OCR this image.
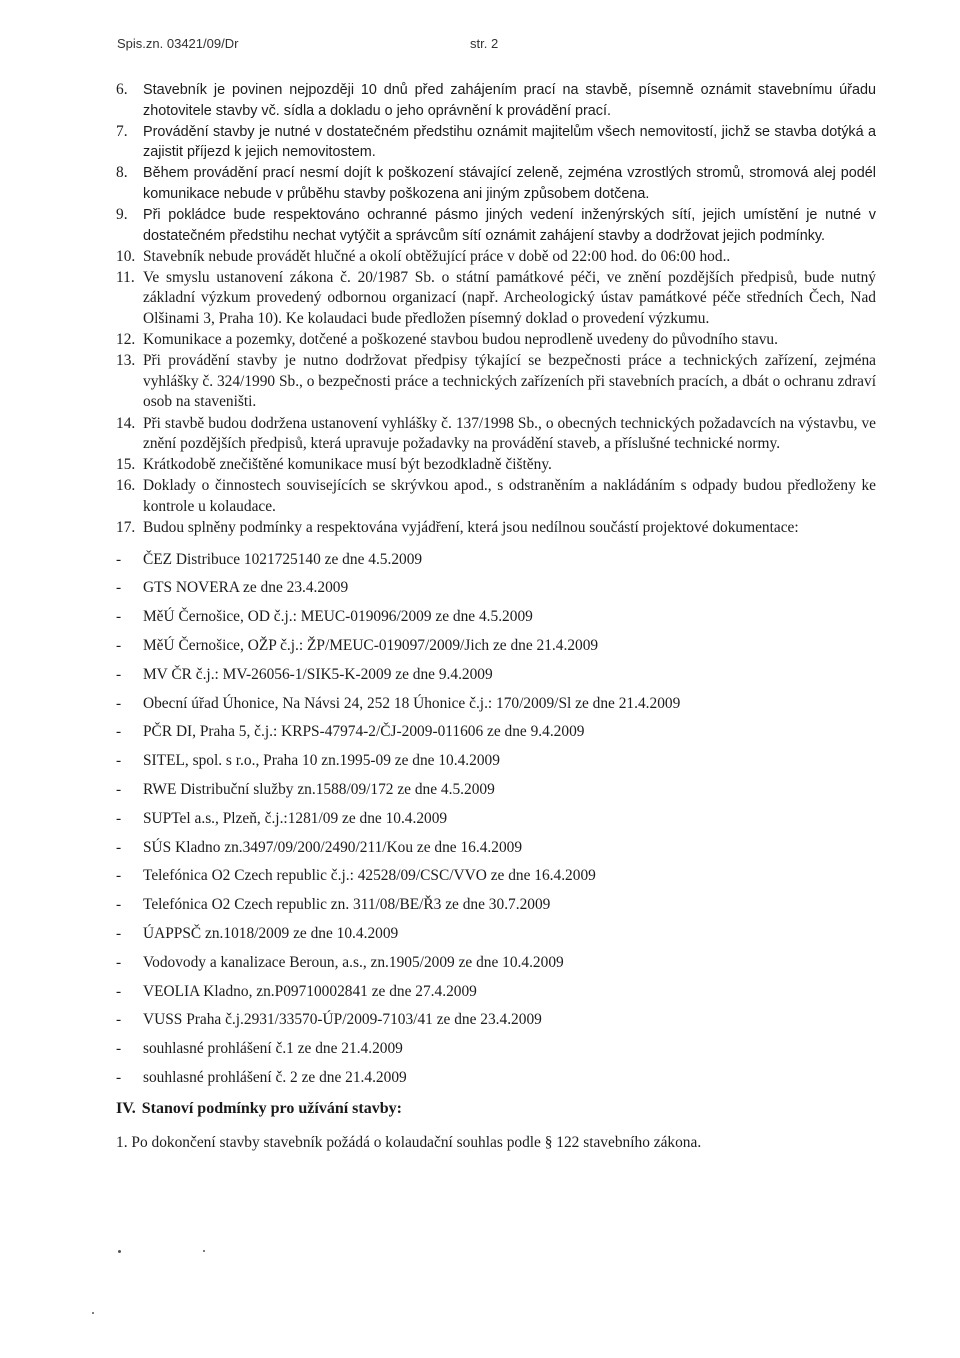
Spis.zn. 03421/09/Dr	str. 2
6. Stavebník je povinen nejpozději 10 dnů před zahájením prací na stavbě, písemně oznámit stavebnímu úřadu zhotovitele stavby vč. sídla a dokladu o jeho oprávnění k provádění prací.
7. Provádění stavby je nutné v dostatečném předstihu oznámit majitelům všech nemovitostí, jichž se stavba dotýká a zajistit příjezd k jejich nemovitostem.
8. Během provádění prací nesmí dojít k poškození stávající zeleně, zejména vzrostlých stromů, stromová alej podél komunikace nebude v průběhu stavby poškozena ani jiným způsobem dotčena.
9. Při pokládce bude respektováno ochranné pásmo jiných vedení inženýrských sítí, jejich umístění je nutné v dostatečném předstihu nechat vytýčit a správcům sítí oznámit zahájení stavby a dodržovat jejich podmínky.
10. Stavebník nebude provádět hlučné a okolí obtěžující práce v době od 22:00 hod. do 06:00 hod..
11. Ve smyslu ustanovení zákona č. 20/1987 Sb. o státní památkové péči, ve znění pozdějších předpisů, bude nutný základní výzkum provedený odbornou organizací (např. Archeologický ústav památkové péče středních Čech, Nad Olšinami 3, Praha 10). Ke kolaudaci bude předložen písemný doklad o provedení výzkumu.
12. Komunikace a pozemky, dotčené a poškozené stavbou budou neprodleně uvedeny do původního stavu.
13. Při provádění stavby je nutno dodržovat předpisy týkající se bezpečnosti práce a technických zařízení, zejména vyhlášky č. 324/1990 Sb., o bezpečnosti práce a technických zařízeních při stavebních pracích, a dbát o ochranu zdraví osob na staveništi.
14. Při stavbě budou dodržena ustanovení vyhlášky č. 137/1998 Sb., o obecných technických požadavcích na výstavbu, ve znění pozdějších předpisů, která upravuje požadavky na provádění staveb, a příslušné technické normy.
15. Krátkodobě znečištěné komunikace musí být bezodkladně čištěny.
16. Doklady o činnostech souvisejících se skrývkou apod., s odstraněním a nakládáním s odpady budou předloženy ke kontrole u kolaudace.
17. Budou splněny podmínky a respektována vyjádření, která jsou nedílnou součástí projektové dokumentace:
- ČEZ Distribuce 1021725140 ze dne 4.5.2009
- GTS NOVERA ze dne 23.4.2009
- MěÚ Černošice, OD č.j.: MEUC-019096/2009 ze dne 4.5.2009
- MěÚ Černošice, OŽP č.j.: ŽP/MEUC-019097/2009/Jich ze dne 21.4.2009
- MV ČR č.j.: MV-26056-1/SIK5-K-2009 ze dne 9.4.2009
- Obecní úřad Úhonice, Na Návsi 24, 252 18 Úhonice č.j.: 170/2009/Sl ze dne 21.4.2009
- PČR DI, Praha 5, č.j.: KRPS-47974-2/ČJ-2009-011606 ze dne 9.4.2009
- SITEL, spol. s r.o., Praha 10 zn.1995-09 ze dne 10.4.2009
- RWE Distribuční služby zn.1588/09/172 ze dne 4.5.2009
- SUPTel a.s., Plzeň, č.j.:1281/09 ze dne 10.4.2009
- SÚS Kladno zn.3497/09/200/2490/211/Kou ze dne 16.4.2009
- Telefónica O2 Czech republic č.j.: 42528/09/CSC/VVO ze dne 16.4.2009
- Telefónica O2 Czech republic zn. 311/08/BE/Ř3 ze dne 30.7.2009
- ÚAPPSČ zn.1018/2009 ze dne 10.4.2009
- Vodovody a kanalizace Beroun, a.s., zn.1905/2009 ze dne 10.4.2009
- VEOLIA Kladno, zn.P09710002841 ze dne 27.4.2009
- VUSS Praha č.j.2931/33570-ÚP/2009-7103/41 ze dne 23.4.2009
- souhlasné prohlášení č.1 ze dne 21.4.2009
- souhlasné prohlášení č. 2 ze dne 21.4.2009
IV. Stanoví podmínky pro užívání stavby:
1. Po dokončení stavby stavebník požádá o kolaudační souhlas podle § 122 stavebního zákona.
